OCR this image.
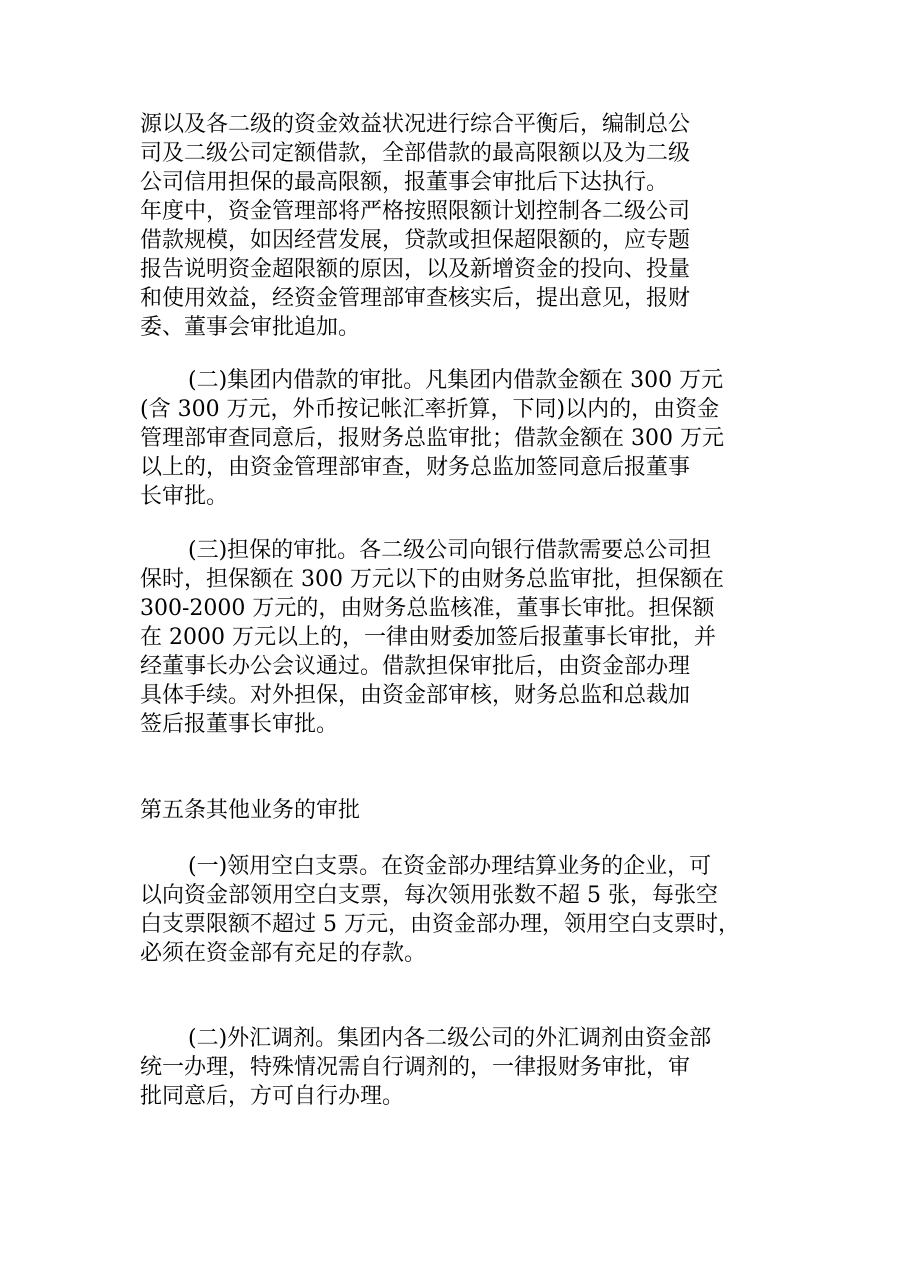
源以及各二级的资金效益状况进行综合平衡后，编制总公
司及二级公司定额借款，全部借款的最高限额以及为二级
公司信用担保的最高限额，报董事会审批后下达执行。
年度中，资金管理部将严格按照限额计划控制各二级公司
借款规模，如因经营发展，贷款或担保超限额的，应专题
报告说明资金超限额的原因，以及新增资金的投向、投量
和使用效益，经资金管理部审查核实后，提出意见，报财
委、董事会审批追加。
(二)集团内借款的审批。凡集团内借款金额在 300 万元
(含 300 万元，外币按记帐汇率折算，下同)以内的，由资金
管理部审查同意后，报财务总监审批；借款金额在 300 万元
以上的，由资金管理部审查，财务总监加签同意后报董事
长审批。
(三)担保的审批。各二级公司向银行借款需要总公司担
保时，担保额在 300 万元以下的由财务总监审批，担保额在
300-2000 万元的，由财务总监核准，董事长审批。担保额
在 2000 万元以上的，一律由财委加签后报董事长审批，并
经董事长办公会议通过。借款担保审批后，由资金部办理
具体手续。对外担保，由资金部审核，财务总监和总裁加
签后报董事长审批。
第五条其他业务的审批
(一)领用空白支票。在资金部办理结算业务的企业，可
以向资金部领用空白支票，每次领用张数不超 5 张，每张空
白支票限额不超过 5 万元，由资金部办理，领用空白支票时，
必须在资金部有充足的存款。
(二)外汇调剂。集团内各二级公司的外汇调剂由资金部
统一办理，特殊情况需自行调剂的，一律报财务审批，审
批同意后，方可自行办理。
